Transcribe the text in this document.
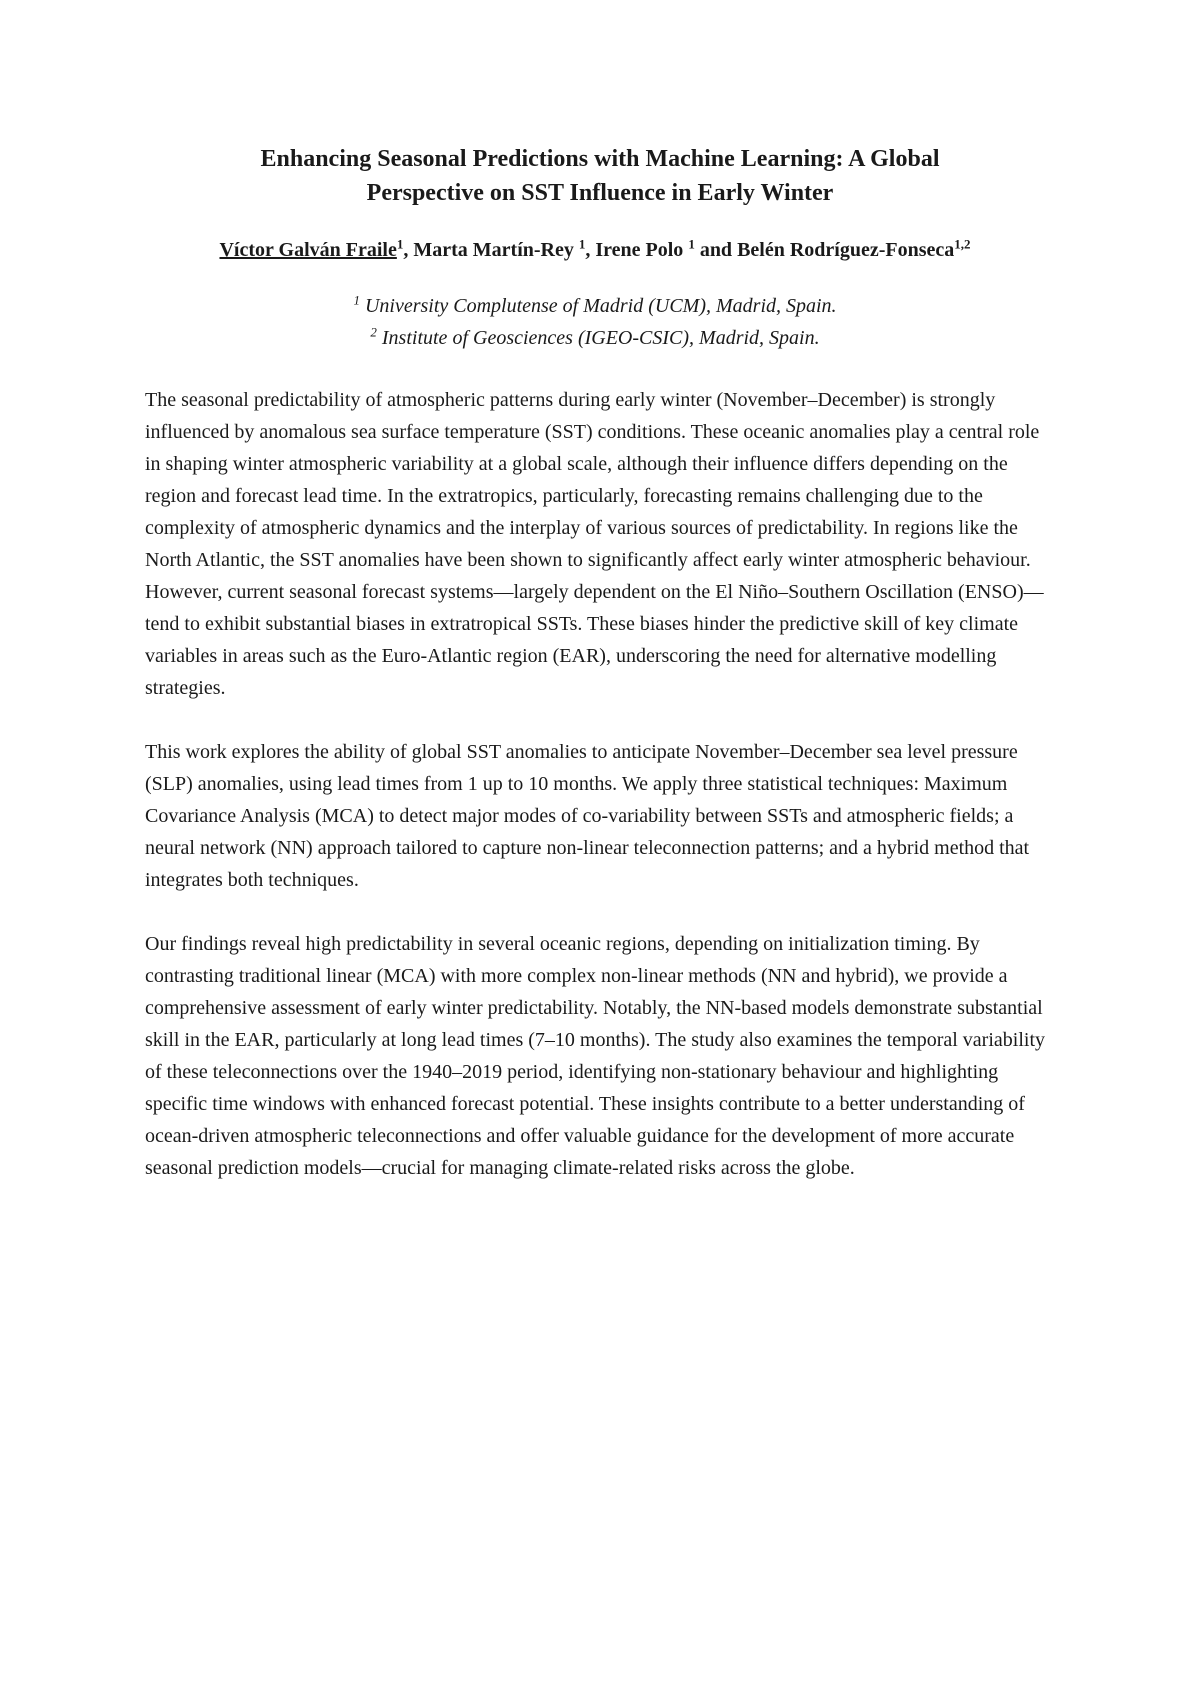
Enhancing Seasonal Predictions with Machine Learning: A Global
Perspective on SST Influence in Early Winter

Víctor Galván Fraile$^1$, Marta Martín-Rey $^1$, Irene Polo $^1$ and Belén Rodríguez-Fonseca$^{1,2}$

$^1$ University Complutense of Madrid (UCM), Madrid, Spain.
$^2$ Institute of Geosciences (IGEO-CSIC), Madrid, Spain.

The seasonal predictability of atmospheric patterns during early winter (November–December) is strongly influenced by anomalous sea surface temperature (SST) conditions. These oceanic anomalies play a central role in shaping winter atmospheric variability at a global scale, although their influence differs depending on the region and forecast lead time. In the extratropics, particularly, forecasting remains challenging due to the complexity of atmospheric dynamics and the interplay of various sources of predictability. In regions like the North Atlantic, the SST anomalies have been shown to significantly affect early winter atmospheric behaviour. However, current seasonal forecast systems—largely dependent on the El Niño–Southern Oscillation (ENSO)—tend to exhibit substantial biases in extratropical SSTs. These biases hinder the predictive skill of key climate variables in areas such as the Euro-Atlantic region (EAR), underscoring the need for alternative modelling strategies.

This work explores the ability of global SST anomalies to anticipate November–December sea level pressure (SLP) anomalies, using lead times from 1 up to 10 months. We apply three statistical techniques: Maximum Covariance Analysis (MCA) to detect major modes of co-variability between SSTs and atmospheric fields; a neural network (NN) approach tailored to capture non-linear teleconnection patterns; and a hybrid method that integrates both techniques.

Our findings reveal high predictability in several oceanic regions, depending on initialization timing. By contrasting traditional linear (MCA) with more complex non-linear methods (NN and hybrid), we provide a comprehensive assessment of early winter predictability. Notably, the NN-based models demonstrate substantial skill in the EAR, particularly at long lead times (7–10 months). The study also examines the temporal variability of these teleconnections over the 1940–2019 period, identifying non-stationary behaviour and highlighting specific time windows with enhanced forecast potential. These insights contribute to a better understanding of ocean-driven atmospheric teleconnections and offer valuable guidance for the development of more accurate seasonal prediction models—crucial for managing climate-related risks across the globe.
